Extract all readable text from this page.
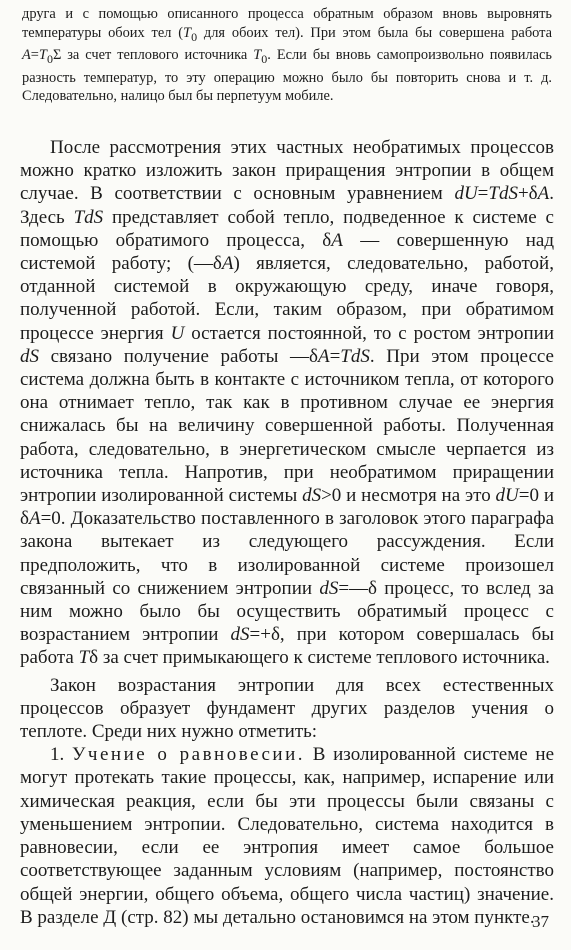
друга и с помощью описанного процесса обратным образом вновь выровнять температуры обоих тел ($T_0$ для обоих тел). При этом была бы совершена работа $A=T_0\Sigma$ за счет теплового источника $T_0$. Если бы вновь самопроизвольно появилась разность температур, то эту операцию можно было бы повторить снова и т. д. Следовательно, налицо был бы перпетуум мобиле.

После рассмотрения этих частных необратимых процессов можно кратко изложить закон приращения энтропии в общем случае. В соответствии с основным уравнением dU=TdS+δA. Здесь TdS представляет собой тепло, подведенное к системе с помощью обратимого процесса, δA — совершенную над системой работу; (—δA) является, следовательно, работой, отданной системой в окружающую среду, иначе говоря, полученной работой. Если, таким образом, при обратимом процессе энергия U остается постоянной, то с ростом энтропии dS связано получение работы —δA=TdS. При этом процессе система должна быть в контакте с источником тепла, от которого она отнимает тепло, так как в противном случае ее энергия снижалась бы на величину совершенной работы. Полученная работа, следовательно, в энергетическом смысле черпается из источника тепла. Напротив, при необратимом приращении энтропии изолированной системы dS>0 и несмотря на это dU=0 и δA=0. Доказательство поставленного в заголовок этого параграфа закона вытекает из следующего рассуждения. Если предположить, что в изолированной системе произошел связанный со снижением энтропии dS=—δ процесс, то вслед за ним можно было бы осуществить обратимый процесс с возрастанием энтропии dS=+δ, при котором совершалась бы работа Tδ за счет примыкающего к системе теплового источника.

Закон возрастания энтропии для всех естественных процессов образует фундамент других разделов учения о теплоте. Среди них нужно отметить:

1. Учение о равновесии. В изолированной системе не могут протекать такие процессы, как, например, испарение или химическая реакция, если бы эти процессы были связаны с уменьшением энтропии. Следовательно, система находится в равновесии, если ее энтропия имеет самое большое соответствующее заданным условиям (например, постоянство общей энергии, общего объема, общего числа частиц) значение. В разделе Д (стр. 82) мы детально остановимся на этом пункте.

37
